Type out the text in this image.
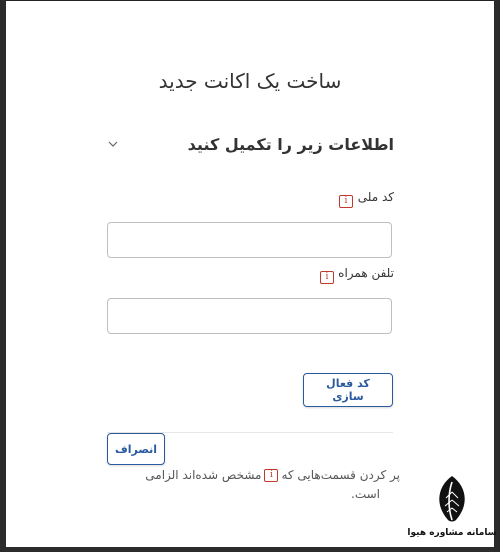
ساخت یک اکانت جدید
اطلاعات زیر را تکمیل کنید
کد ملی
i
تلفن همراه
i
کد فعال سازی
انصراف
پر کردن قسمت‌هایی کهiمشخص شده‌اند الزامی
است.
سامانه مشاوره هیوا
